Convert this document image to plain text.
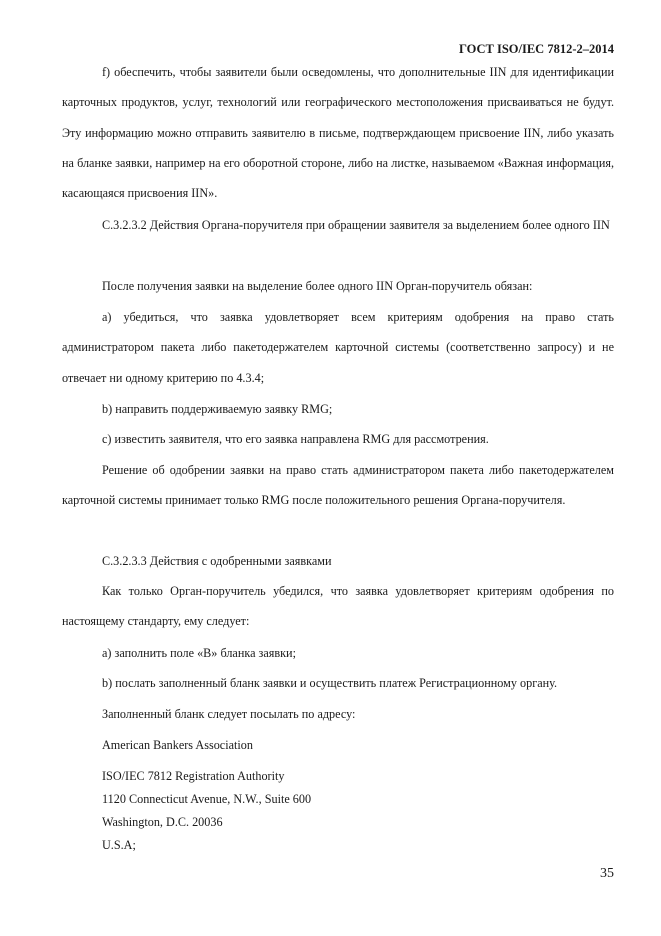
ГОСТ ISO/IEC 7812-2–2014

f) обеспечить, чтобы заявители были осведомлены, что дополнительные IIN для идентификации карточных продуктов, услуг, технологий или географического местоположения присваиваться не будут. Эту информацию можно отправить заявителю в письме, подтверждающем присвоение IIN, либо указать на бланке заявки, например на его оборотной стороне, либо на листке, называемом «Важная информация, касающаяся присвоения IIN».

С.3.2.3.2 Действия Органа-поручителя при обращении заявителя за выделением более одного IIN

После получения заявки на выделение более одного IIN Орган-поручитель обязан:

a) убедиться, что заявка удовлетворяет всем критериям одобрения на право стать администратором пакета либо пакетодержателем карточной системы (соответственно запросу) и не отвечает ни одному критерию по 4.3.4;

b) направить поддерживаемую заявку RMG;

c) известить заявителя, что его заявка направлена RMG для рассмотрения.

Решение об одобрении заявки на право стать администратором пакета либо пакетодержателем карточной системы принимает только RMG после положительного решения Органа-поручителя.

С.3.2.3.3 Действия с одобренными заявками

Как только Орган-поручитель убедился, что заявка удовлетворяет критериям одобрения по настоящему стандарту, ему следует:

a) заполнить поле «B» бланка заявки;

b) послать заполненный бланк заявки и осуществить платеж Регистрационному органу.

Заполненный бланк следует посылать по адресу:

American Bankers Association
ISO/IEC 7812 Registration Authority
1120 Connecticut Avenue, N.W., Suite 600
Washington, D.C. 20036
U.S.A;
35
